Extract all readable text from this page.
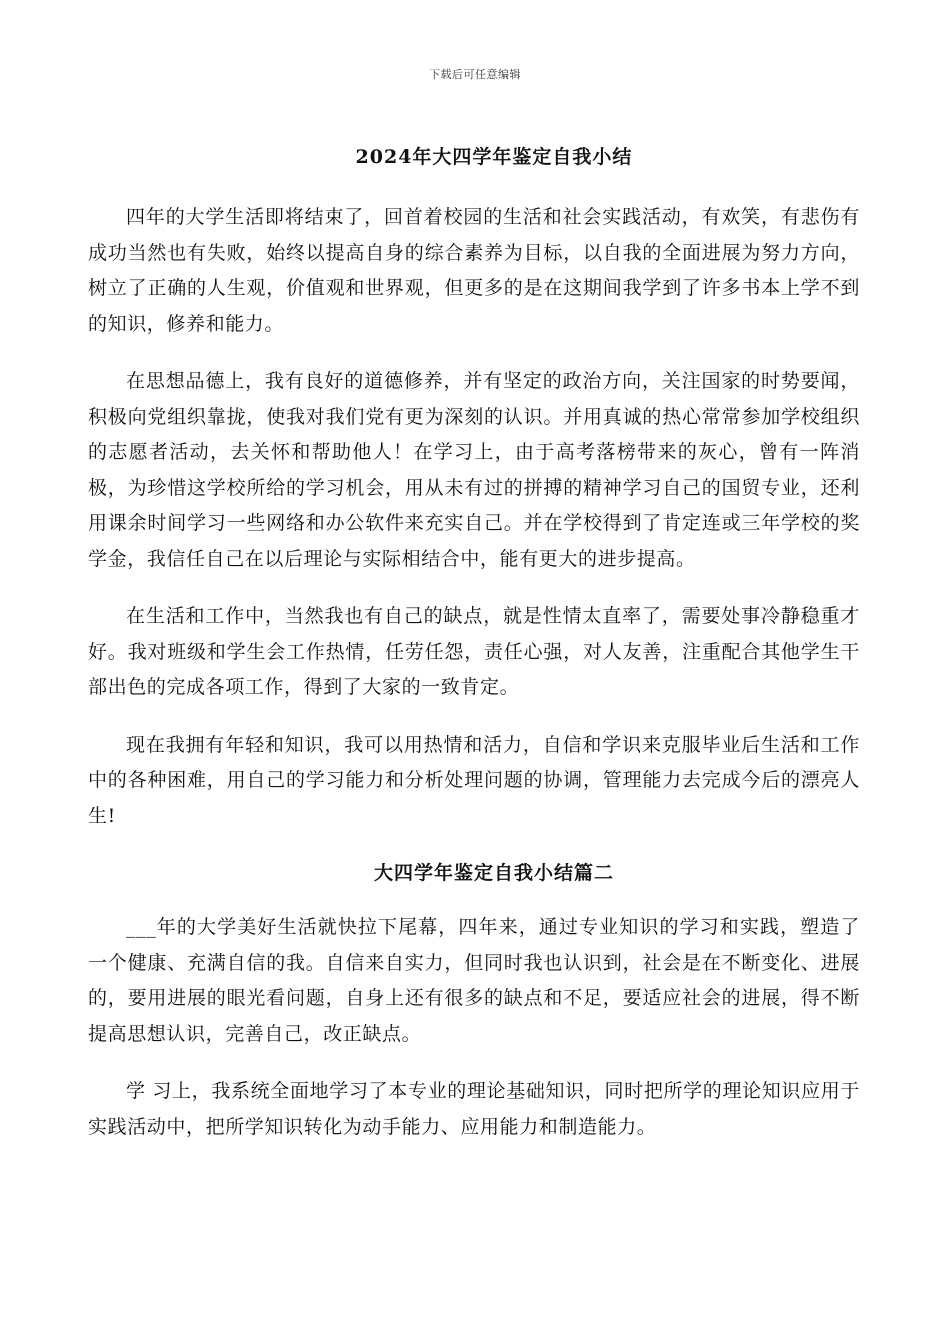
下载后可任意编辑
2024年大四学年鉴定自我小结

四年的大学生活即将结束了，回首着校园的生活和社会实践活动，有欢笑，有悲伤有成功当然也有失败，始终以提高自身的综合素养为目标，以自我的全面进展为努力方向，树立了正确的人生观，价值观和世界观，但更多的是在这期间我学到了许多书本上学不到的知识，修养和能力。

在思想品德上，我有良好的道德修养，并有坚定的政治方向，关注国家的时势要闻，积极向党组织靠拢，使我对我们党有更为深刻的认识。并用真诚的热心常常参加学校组织的志愿者活动，去关怀和帮助他人！在学习上，由于高考落榜带来的灰心，曾有一阵消极，为珍惜这学校所给的学习机会，用从未有过的拼搏的精神学习自己的国贸专业，还利用课余时间学习一些网络和办公软件来充实自己。并在学校得到了肯定连或三年学校的奖学金，我信任自己在以后理论与实际相结合中，能有更大的进步提高。

在生活和工作中，当然我也有自己的缺点，就是性情太直率了，需要处事冷静稳重才好。我对班级和学生会工作热情，任劳任怨，责任心强，对人友善，注重配合其他学生干部出色的完成各项工作，得到了大家的一致肯定。

现在我拥有年轻和知识，我可以用热情和活力，自信和学识来克服毕业后生活和工作中的各种困难，用自己的学习能力和分析处理问题的协调，管理能力去完成今后的漂亮人生!

大四学年鉴定自我小结篇二

___年的大学美好生活就快拉下尾幕，四年来，通过专业知识的学习和实践，塑造了一个健康、充满自信的我。自信来自实力，但同时我也认识到，社会是在不断变化、进展的，要用进展的眼光看问题，自身上还有很多的缺点和不足，要适应社会的进展，得不断提高思想认识，完善自己，改正缺点。

学 习上，我系统全面地学习了本专业的理论基础知识，同时把所学的理论知识应用于实践活动中，把所学知识转化为动手能力、应用能力和制造能力。
